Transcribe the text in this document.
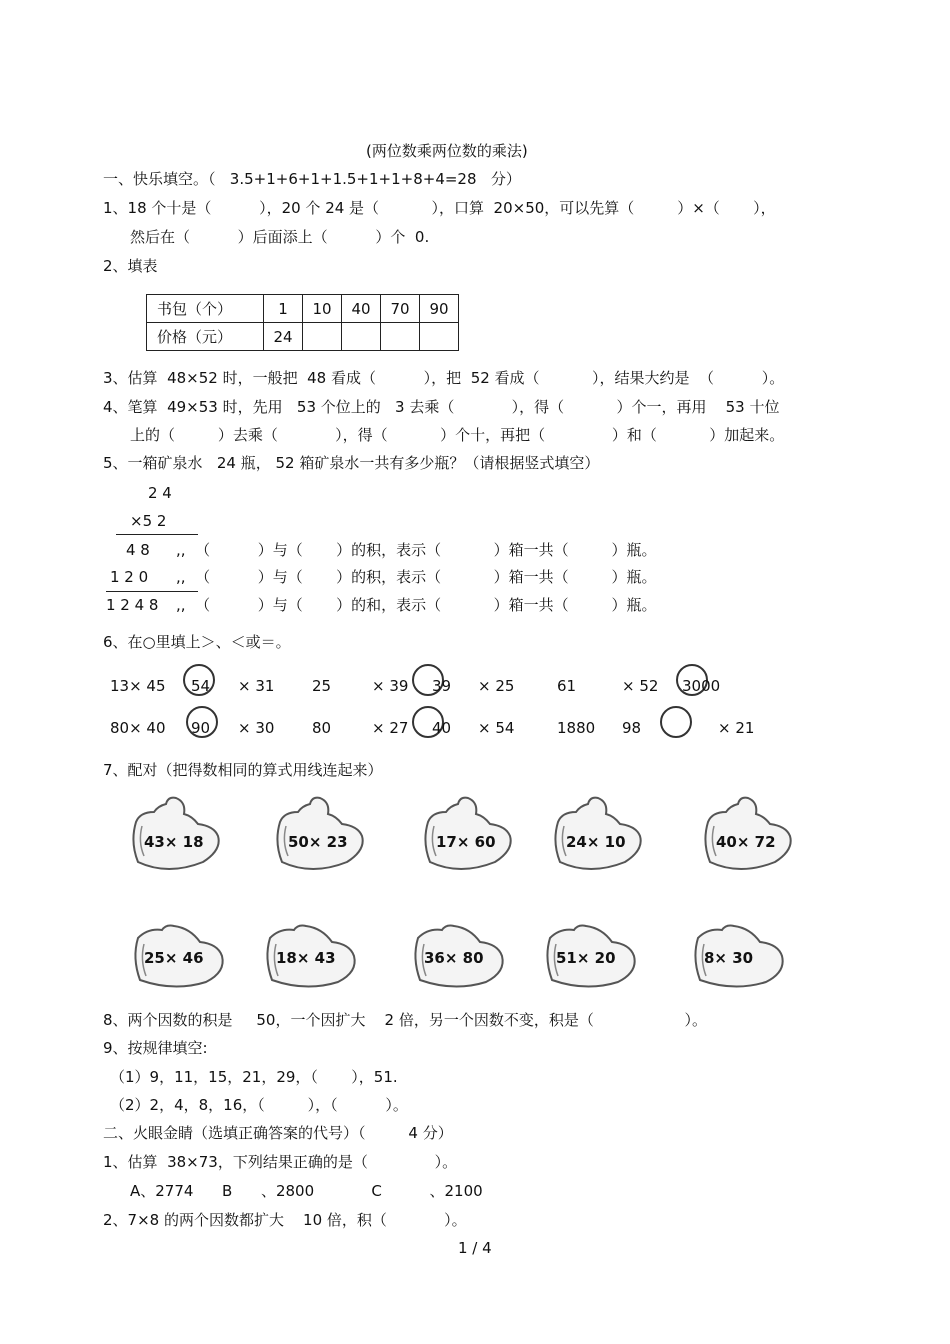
(两位数乘两位数的乘法)
一、快乐填空。（   3.5+1+6+1+1.5+1+1+8+4=28   分）
1、18 个十是（          ），20 个 24 是（           ），口算  20×50，可以先算（         ）×（       ），
然后在（          ）后面添上（          ）个  0.
2、填表
书包（个）	1	10	40	70	90
价格（元）	24				
3、估算  48×52 时，一般把  48 看成（          ），把  52 看成（           ），结果大约是  （          ）。
4、笔算  49×53 时，先用   53 个位上的   3 去乘（            ），得（           ）个一，再用    53 十位
上的（         ）去乘（            ），得（           ）个十，再把（              ）和（           ）加起来。
5、一箱矿泉水   24 瓶， 52 箱矿泉水一共有多少瓶？（请根据竖式填空）
2 4
×5 2
4 8 ,,  （          ）与（       ）的积，表示（           ）箱一共（         ）瓶。
1 2 0 ,,  （          ）与（       ）的积，表示（           ）箱一共（         ）瓶。
1 2 4 8 ,,  （          ）与（       ）的和，表示（           ）箱一共（         ）瓶。
6、在○里填上＞、＜或＝。
13× 45 54 × 31	25	× 39 39 × 25	61	× 52 3000
80× 40 90 × 30	80	× 27 40 × 54	1880 98	× 21
7、配对（把得数相同的算式用线连起来）
43× 18	50× 23	17× 60	24× 10	40× 72
25× 46	18× 43	36× 80	51× 20	8× 30
8、两个因数的积是     50，一个因扩大    2 倍，另一个因数不变，积是（                   ）。
9、按规律填空:
（1）9，11，15，21，29，（       ），51.
（2）2，4，8，16，（         ），（          ）。
二、火眼金睛（选填正确答案的代号）（         4 分）
1、估算  38×73，下列结果正确的是（              ）。
A、2774      B      、2800            C          、2100
2、7×8 的两个因数都扩大    10 倍，积（            ）。
1 / 4
